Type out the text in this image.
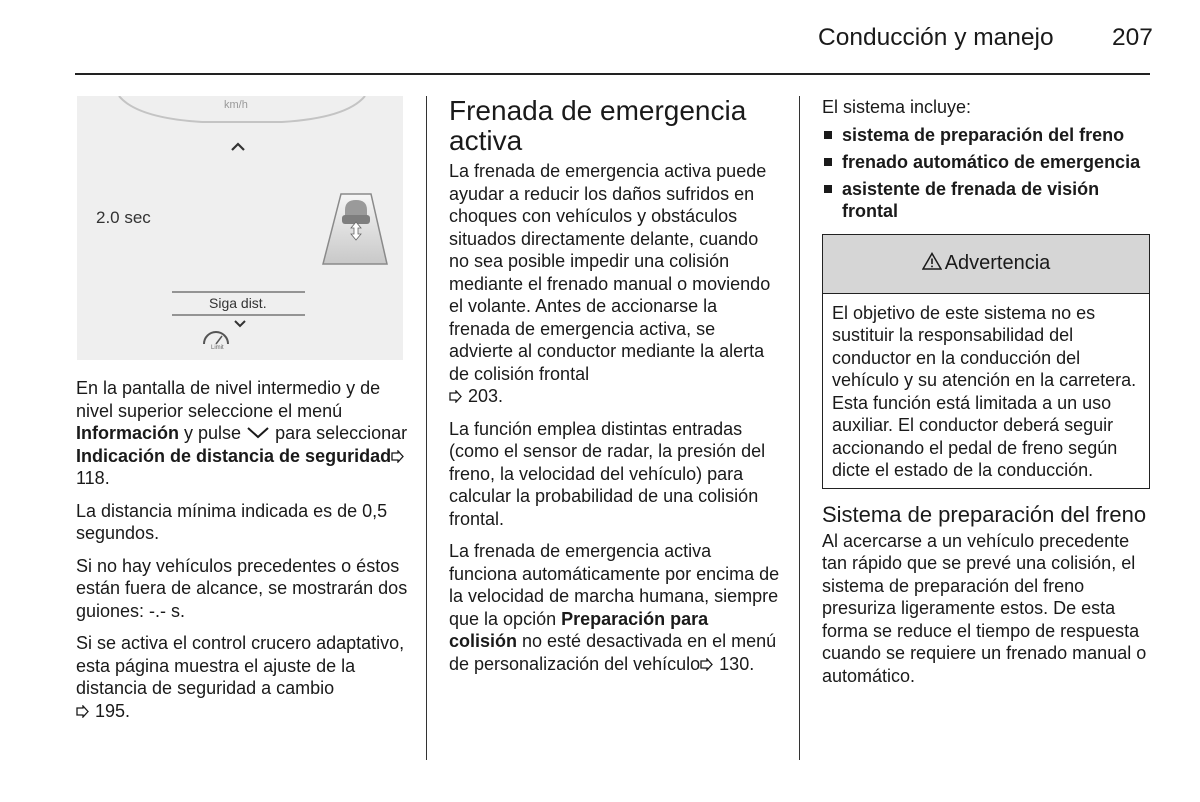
Conducción y manejo 207
km/h
2.0 sec
Siga dist.
Limit

En la pantalla de nivel intermedio y de nivel superior seleccione el menú Información y pulse  para seleccionar Indicación de distancia de seguridad 118.

La distancia mínima indicada es de 0,5 segundos.

Si no hay vehículos precedentes o éstos están fuera de alcance, se mostrarán dos guiones: -.- s.

Si se activa el control crucero adaptativo, esta página muestra el ajuste de la distancia de seguridad a cambio
195.

Frenada de emergencia activa

La frenada de emergencia activa puede ayudar a reducir los daños sufridos en choques con vehículos y obstáculos situados directamente delante, cuando no sea posible impedir una colisión mediante el frenado manual o moviendo el volante. Antes de accionarse la frenada de emergencia activa, se advierte al conductor mediante la alerta de colisión frontal
203.

La función emplea distintas entradas (como el sensor de radar, la presión del freno, la velocidad del vehículo) para calcular la probabilidad de una colisión frontal.

La frenada de emergencia activa funciona automáticamente por encima de la velocidad de marcha humana, siempre que la opción Preparación para colisión no esté desactivada en el menú de personalización del vehículo 130.

El sistema incluye:

sistema de preparación del freno
frenado automático de emergencia
asistente de frenada de visión frontal
Advertencia
El objetivo de este sistema no es sustituir la responsabilidad del conductor en la conducción del vehículo y su atención en la carretera. Esta función está limitada a un uso auxiliar. El conductor deberá seguir accionando el pedal de freno según dicte el estado de la conducción.
Sistema de preparación del freno

Al acercarse a un vehículo precedente tan rápido que se prevé una colisión, el sistema de preparación del freno presuriza ligeramente estos. De esta forma se reduce el tiempo de respuesta cuando se requiere un frenado manual o automático.
